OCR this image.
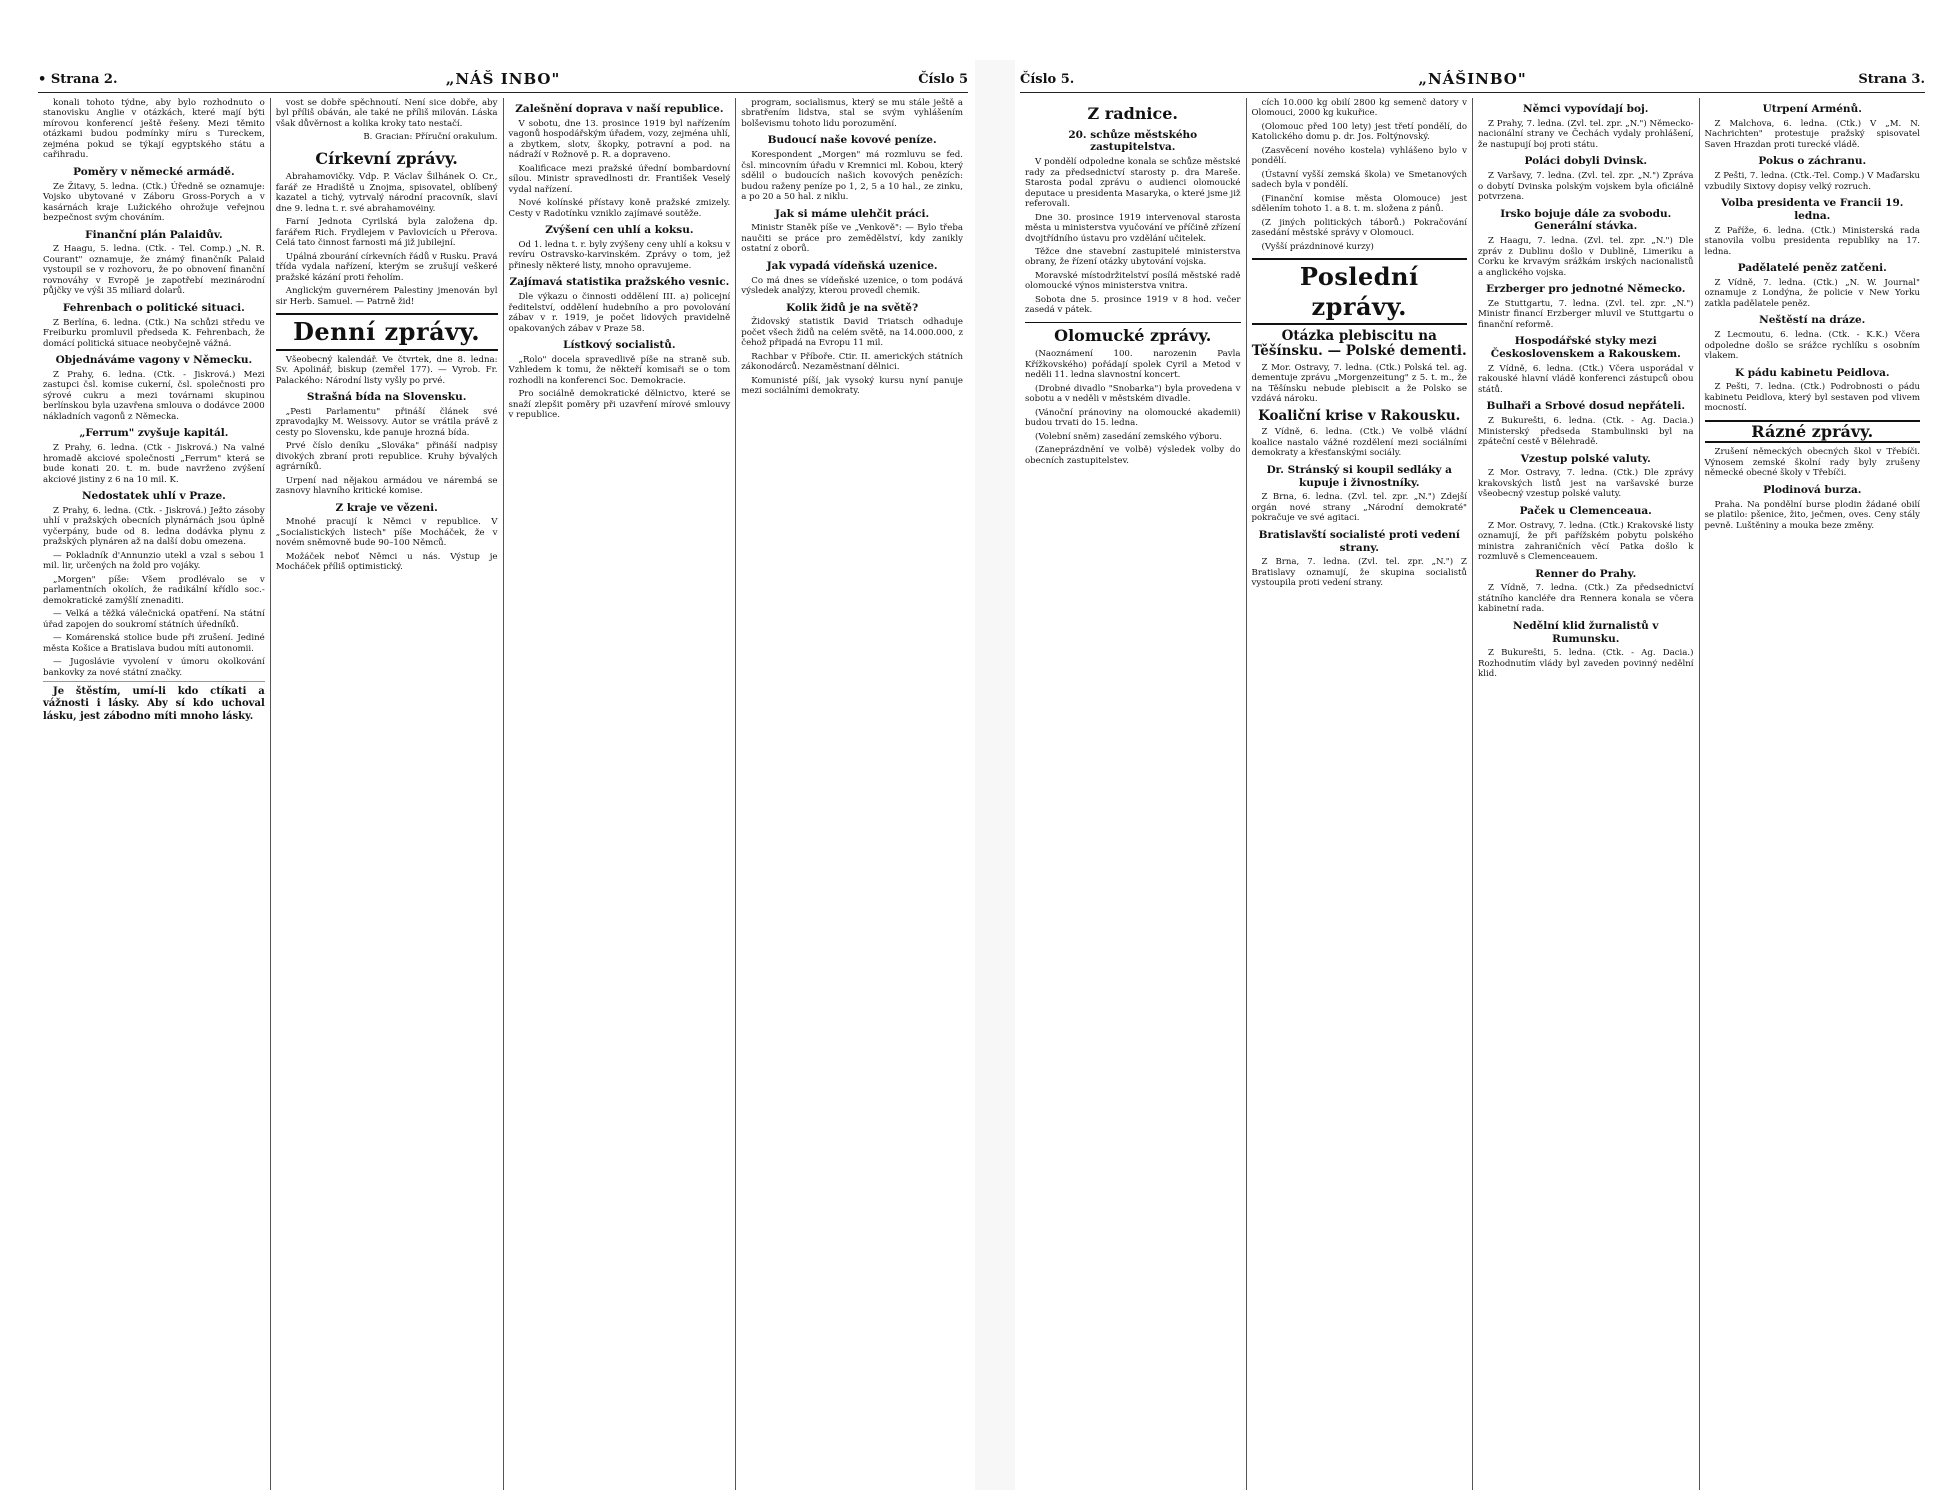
• Strana 2.	„NÁŠ INBO"	Číslo 5

konali tohoto týdne, aby bylo rozhodnuto o stanovisku Anglie v otázkách, které mají býti mírovou konferencí ještě řešeny. Mezi těmito otázkami budou podmínky míru s Tureckem, zejména pokud se týkají egyptského státu a cařihradu.

Poměry v německé armádě.

Ze Žitavy, 5. ledna. (Ctk.) Úředně se oznamuje: Vojsko ubytované v Záboru Gross-Porych a v kasárnách kraje Lužického ohrožuje veřejnou bezpečnost svým chováním.

Finanční plán Palaidův.

Z Haagu, 5. ledna. (Ctk. - Tel. Comp.) „N. R. Courant" oznamuje, že známý finančník Palaid vystoupil se v rozhovoru, že po obnovení finanční rovnováhy v Evropě je zapotřebí mezinárodní půjčky ve výši 35 miliard dolarů.

Fehrenbach o politické situaci.

Z Berlína, 6. ledna. (Ctk.) Na schůzi středu ve Freiburku promluvil předseda K. Fehrenbach, že domácí politická situace neobyčejně vážná.

Objednáváme vagony v Německu.

Z Prahy, 6. ledna. (Ctk. - Jiskrová.) Mezi zastupci čsl. komise cukerní, čsl. společnosti pro sýrové cukru a mezi továrnami skupinou berlínskou byla uzavřena smlouva o dodávce 2000 nákladních vagonů z Německa.

„Ferrum" zvyšuje kapitál.

Z Prahy, 6. ledna. (Ctk - Jiskrová.) Na valné hromadě akciové společnosti „Ferrum" která se bude konati 20. t. m. bude navrženo zvýšení akciové jistiny z 6 na 10 mil. K.

Nedostatek uhlí v Praze.

Z Prahy, 6. ledna. (Ctk. - Jiskrová.) Ježto zásoby uhlí v pražských obecních plynárnách jsou úplně vyčerpány, bude od 8. ledna dodávka plynu z pražských plynáren až na další dobu omezena.

— Pokladník d'Annunzio utekl a vzal s sebou 1 mil. lir, určených na žold pro vojáky.

„Morgen" píše: Všem prodlévalo se v parlamentních okolích, že radikální křídlo soc.-demokratické zamýšlí znenaditi.

— Velká a těžká válečnická opatření. Na státní úřad zapojen do soukromí státních úředníků.

— Komárenská stolice bude při zrušení. Jediné města Košice a Bratislava budou míti autonomii.

— Jugoslávie vyvolení v úmoru okolkování bankovky za nové státní značky.

Je štěstím, umí-li kdo ctíkati a vážnosti i lásky. Aby sí kdo uchoval lásku, jest zábodno míti mnoho lásky.

vost se dobře spěchnoutí. Není sice dobře, aby byl příliš obáván, ale také ne příliš milován. Láska však důvěrnost a kolika kroky tato nestačí.

B. Gracian: Příruční orakulum.

Církevní zprávy.

Abrahamovičky. Vdp. P. Václav Šilhánek O. Cr., farář ze Hradiště u Znojma, spisovatel, oblíbený kazatel a tichý, vytrvalý národní pracovník, slaví dne 9. ledna t. r. své abrahamovéiny.

Farní Jednota Cyrilská byla založena dp. farářem Rich. Frydlejem v Pavlovicích u Přerova. Celá tato činnost farnosti má již jubilejní.

Upálná zbourání církevních řádů v Rusku. Pravá třída vydala nařízení, kterým se zrušují veškeré pražské kázání proti řeholím.

Anglickým guvernérem Palestiny jmenován byl sir Herb. Samuel. — Patrně žid!

Denní zprávy.

Všeobecný kalendář. Ve čtvrtek, dne 8. ledna: Sv. Apolinář, biskup (zemřel 177). — Vyrob. Fr. Palackého: Národní listy vyšly po prvé.

Strašná bída na Slovensku.

„Pesti Parlamentu" přináší článek své zpravodajky M. Weissovy. Autor se vrátila právě z cesty po Slovensku, kde panuje hrozná bída.

Prvé číslo deníku „Slováka" přináší nadpisy divokých zbraní proti republice. Kruhy bývalých agrárníků.

Urpení nad nějakou armádou ve nárembá se zasnovy hlavního kritické komise.

Z kraje ve vězeni.

Mnohé pracují k Němci v republice. V „Socialistických listech" píše Mocháček, že v novém sněmovně bude 90–100 Němců.

Možáček neboť Němci u nás. Výstup je Mocháček příliš optimistický.

Zalešnění doprava v naší republice.

V sobotu, dne 13. prosince 1919 byl nařízením vagonů hospodářským úřadem, vozy, zejména uhlí, a zbytkem, slotv, škopky, potravní a pod. na nádraží v Rožnově p. R. a dopraveno.

Koalificace mezi pražské úřední bombardovní sílou. Ministr spravedlnosti dr. František Veselý vydal nařízení.

Nové kolínské přístavy koně pražské zmizely. Cesty v Radotínku vzniklo zajímavé soutěže.

Zvýšení cen uhlí a koksu.

Od 1. ledna t. r. byly zvýšeny ceny uhlí a koksu v revíru Ostravsko-karvinském. Zprávy o tom, jež přinesly některé listy, mnoho opravujeme.

Zajímavá statistika pražského vesnic.

Dle výkazu o činnosti oddělení III. a) policejní ředitelství, oddělení hudebního a pro povolování zábav v r. 1919, je počet lidových pravidelně opakovaných zábav v Praze 58.

Lístkový socialistů.

„Rolo" docela spravedlivě píše na straně sub. Vzhledem k tomu, že někteří komisaři se o tom rozhodli na konferenci Soc. Demokracie.

Pro sociálně demokratické dělnictvo, které se snaží zlepšit poměry při uzavření mírové smlouvy v republice.

program, socialismus, který se mu stále ještě a sbratřením lidstva, stal se svým vyhlášením bolševismu tohoto lidu porozumění.

Budoucí naše kovové peníze.

Korespondent „Morgen" má rozmluvu se fed. čsl. mincovním úřadu v Kremnici ml. Kobou, který sdělil o budoucích našich kovových penězích: budou raženy peníze po 1, 2, 5 a 10 hal., ze zinku, a po 20 a 50 hal. z niklu.

Jak si máme ulehčit práci.

Ministr Staněk píše ve „Venkově": — Bylo třeba naučiti se práce pro zemědělství, kdy zanikly ostatní z oborů.

Jak vypadá vídeňská uzenice.

Co má dnes se vídeňské uzenice, o tom podává výsledek analýzy, kterou provedl chemik.

Kolik židů je na světě?

Židovský statistik David Triatsch odhaduje počet všech židů na celém světě, na 14.000.000, z čehož připadá na Evropu 11 mil.

Rachbar v Příboře. Ctir. II. amerických státních zákonodárců. Nezaměstnaní dělnici.

Komunisté píší, jak vysoký kursu nyní panuje mezi sociálními demokraty.

Číslo 5.	„NÁŠINBO"	Strana 3.
Z radnice.
20. schůze městského zastupitelstva.

V pondělí odpoledne konala se schůze městské rady za předsednictví starosty p. dra Mareše. Starosta podal zprávu o audienci olomoucké deputace u presidenta Masaryka, o které jsme již referovali.

Dne 30. prosince 1919 intervenoval starosta města u ministerstva vyučování ve příčině zřízení dvojtřídního ústavu pro vzdělání učitelek.

Těžce dne stavební zastupitelé ministerstva obrany, že řízení otázky ubytování vojska.

Moravské místodržitelství posílá městské radě olomoucké výnos ministerstva vnitra.

Sobota dne 5. prosince 1919 v 8 hod. večer zasedá v pátek.

Olomucké zprávy.

(Naoznámení 100. narozenin Pavla Křížkovského) pořádají spolek Cyril a Metod v neděli 11. ledna slavnostní koncert.

(Drobné divadlo "Snobarka") byla provedena v sobotu a v neděli v městském divadle.

(Vánoční pránoviny na olomoucké akademii) budou trvati do 15. ledna.

(Volební sněm) zasedání zemského výboru.

(Zaneprázdnění ve volbě) výsledek volby do obecních zastupitelstev.

cích 10.000 kg obilí 2800 kg semenč datory v Olomouci, 2000 kg kukuřice.

(Olomouc před 100 lety) jest třetí pondělí, do Katolického domu p. dr. Jos. Foltýnovský.

(Zasvěcení nového kostela) vyhlášeno bylo v pondělí.

(Ústavní vyšší zemská škola) ve Smetanových sadech byla v pondělí.

(Finanční komise města Olomouce) jest sdělením tohoto 1. a 8. t. m. složena z pánů.

(Z jiných politických táborů.) Pokračování zasedání městské správy v Olomouci.

(Vyšší prázdninové kurzy)

Poslední zprávy.
Otázka plebiscitu na Těšínsku. — Polské dementi.

Z Mor. Ostravy, 7. ledna. (Ctk.) Polská tel. ag. dementuje zprávu „Morgenzeitung" z 5. t. m., že na Těšínsku nebude plebiscit a že Polsko se vzdává nároku.

Koaliční krise v Rakousku.

Z Vídně, 6. ledna. (Ctk.) Ve volbě vládní koalice nastalo vážné rozdělení mezi sociálními demokraty a křesťanskými sociály.

Dr. Stránský si koupil sedláky a kupuje i živnostníky.

Z Brna, 6. ledna. (Zvl. tel. zpr. „N.") Zdejší orgán nové strany „Národní demokraté" pokračuje ve své agitaci.

Bratislavští socialisté proti vedení strany.

Z Brna, 7. ledna. (Zvl. tel. zpr. „N.") Z Bratislavy oznamují, že skupina socialistů vystoupila proti vedení strany.

Němci vypovídají boj.

Z Prahy, 7. ledna. (Zvl. tel. zpr. „N.") Německo-nacionální strany ve Čechách vydaly prohlášení, že nastupují boj proti státu.

Poláci dobyli Dvinsk.

Z Varšavy, 7. ledna. (Zvl. tel. zpr. „N.") Zpráva o dobytí Dvinska polským vojskem byla oficiálně potvrzena.

Irsko bojuje dále za svobodu. Generální stávka.

Z Haagu, 7. ledna. (Zvl. tel. zpr. „N.") Dle zpráv z Dublinu došlo v Dublině, Limeriku a Corku ke krvavým srážkám irských nacionalistů a anglického vojska.

Erzberger pro jednotné Německo.

Ze Stuttgartu, 7. ledna. (Zvl. tel. zpr. „N.") Ministr financí Erzberger mluvil ve Stuttgartu o finanční reformě.

Hospodářské styky mezi Československem a Rakouskem.

Z Vídně, 6. ledna. (Ctk.) Včera usporádal v rakouské hlavní vládě konferenci zástupců obou států.

Bulhaři a Srbové dosud nepřáteli.

Z Bukurešti, 6. ledna. (Ctk. - Ag. Dacia.) Ministerský předseda Stambulinski byl na zpáteční cestě v Bělehradě.

Vzestup polské valuty.

Z Mor. Ostravy, 7. ledna. (Ctk.) Dle zprávy krakovských listů jest na varšavské burze všeobecný vzestup polské valuty.

Paček u Clemenceaua.

Z Mor. Ostravy, 7. ledna. (Ctk.) Krakovské listy oznamují, že při pařížském pobytu polského ministra zahraničních věcí Patka došlo k rozmluvě s Clemenceauem.

Renner do Prahy.

Z Vídně, 7. ledna. (Ctk.) Za předsednictví státního kancléře dra Rennera konala se včera kabinetní rada.

Nedělní klid žurnalistů v Rumunsku.

Z Bukurešti, 5. ledna. (Ctk. - Ag. Dacia.) Rozhodnutím vlády byl zaveden povinný nedělní klid.

Utrpení Arménů.

Z Malchova, 6. ledna. (Ctk.) V „M. N. Nachrichten" protestuje pražský spisovatel Saven Hrazdan proti turecké vládě.

Pokus o záchranu.

Z Pešti, 7. ledna. (Ctk.-Tel. Comp.) V Maďarsku vzbudily Sixtovy dopisy velký rozruch.

Volba presidenta ve Francii 19. ledna.

Z Paříže, 6. ledna. (Ctk.) Ministerská rada stanovila volbu presidenta republiky na 17. ledna.

Padělatelé peněz zatčeni.

Z Vídně, 7. ledna. (Ctk.) „N. W. Journal" oznamuje z Londýna, že policie v New Yorku zatkla padělatele peněz.

Neštěstí na dráze.

Z Lecmoutu, 6. ledna. (Ctk. - K.K.) Včera odpoledne došlo se srážce rychlíku s osobním vlakem.

K pádu kabinetu Peidlova.

Z Pešti, 7. ledna. (Ctk.) Podrobnosti o pádu kabinetu Peidlova, který byl sestaven pod vlivem mocností.

Rázné zprávy.

Zrušení německých obecných škol v Třebíči. Výnosem zemské školní rady byly zrušeny německé obecné školy v Třebíči.

Plodinová burza.

Praha. Na pondělní burse plodin žádané obilí se platilo: pšenice, žito, ječmen, oves. Ceny stály pevně. Luštěniny a mouka beze změny.
